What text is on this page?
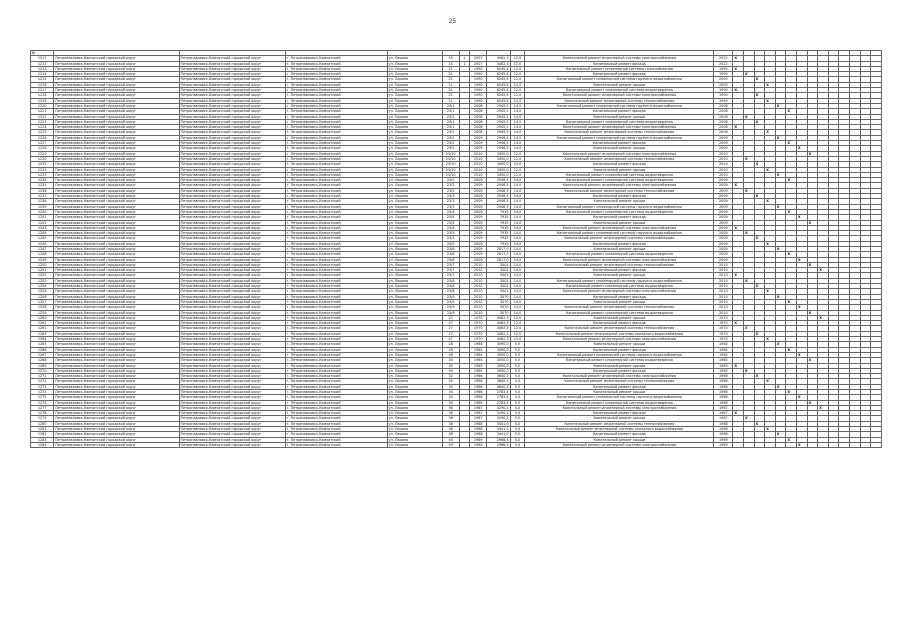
25
№																									
1211	Петропавловск-Камчатский городской округ	Петропавловск-Камчатский городской округ	г. Петропавловск-Камчатский	ул. Ларина	14	1	2007	4462,3	12,0	Капитальный ремонт инженерной системы электроснабжения	2022	X													
1212	Петропавловск-Камчатский городской округ	Петропавловск-Камчатский городской округ	г. Петропавловск-Камчатский	ул. Ларина	14	1	2007	4462,3	12,0	Капитальный ремонт фасада	2022														
1213	Петропавловск-Камчатский городской округ	Петропавловск-Камчатский городской округ	г. Петропавловск-Камчатский	ул. Ларина	21		1990	6245,4	12,0	Капитальный ремонт инженерной системы газоснабжения	1990	X													
1214	Петропавловск-Камчатский городской округ	Петропавловск-Камчатский городской округ	г. Петропавловск-Камчатский	ул. Ларина	21		1990	6245,4	12,0	Капитальный ремонт фасада	1990		X												
1215	Петропавловск-Камчатский городской округ	Петропавловск-Камчатский городской округ	г. Петропавловск-Камчатский	ул. Ларина	21		1990	6245,4	12,0	Капитальный ремонт инженерной системы горячего водоснабжения	2005			X											
1216	Петропавловск-Камчатский городской округ	Петропавловск-Камчатский городской округ	г. Петропавловск-Камчатский	ул. Ларина	21		1990	6245,4	12,0	Капитальный ремонт крыши	2005				X										
1217	Петропавловск-Камчатский городской округ	Петропавловск-Камчатский городской округ	г. Петропавловск-Камчатский	ул. Ларина	21		1990	6245,4	12,0	Капитальный ремонт инженерной системы водоотведения	1990	X													
1218	Петропавловск-Камчатский городской округ	Петропавловск-Камчатский городской округ	г. Петропавловск-Камчатский	ул. Ларина	21		1990	6245,4	12,0	Капитальный ремонт инженерной системы электроснабжения	1990			X											
1219	Петропавловск-Камчатский городской округ	Петропавловск-Камчатский городской округ	г. Петропавловск-Камчатский	ул. Ларина	21		1990	6245,4	12,0	Капитальный ремонт инженерной системы теплоснабжения	1990				X										
1220	Петропавловск-Камчатский городской округ	Петропавловск-Камчатский городской округ	г. Петропавловск-Камчатский	ул. Ларина	23/1		2008	2945,2	14,0	Капитальный ремонт инженерной системы горячего водоснабжения	2008					X									
1221	Петропавловск-Камчатский городской округ	Петропавловск-Камчатский городской округ	г. Петропавловск-Камчатский	ул. Ларина	23/1		2008	2945,2	14,0	Капитальный ремонт фасада	2008						X								
1222	Петропавловск-Камчатский городской округ	Петропавловск-Камчатский городской округ	г. Петропавловск-Камчатский	ул. Ларина	23/1		2008	2945,2	14,0	Капитальный ремонт крыши	2008		X												
1223	Петропавловск-Камчатский городской округ	Петропавловск-Камчатский городской округ	г. Петропавловск-Камчатский	ул. Ларина	23/1		2008	2945,2	14,0	Капитальный ремонт инженерной системы водоотведения	2008			X											
1224	Петропавловск-Камчатский городской округ	Петропавловск-Камчатский городской округ	г. Петропавловск-Камчатский	ул. Ларина	23/1		2008	2945,2	14,0	Капитальный ремонт инженерной системы электроснабжения	2008	X													
1225	Петропавловск-Камчатский городской округ	Петропавловск-Камчатский городской округ	г. Петропавловск-Камчатский	ул. Ларина	23/1		2008	2945,2	14,0	Капитальный ремонт инженерной системы теплоснабжения	2008				X										
1226	Петропавловск-Камчатский городской округ	Петропавловск-Камчатский городской округ	г. Петропавловск-Камчатский	ул. Ларина	23/2		2009	2946,5	14,0	Капитальный ремонт инженерной системы горячего водоснабжения	2009					X									
1227	Петропавловск-Камчатский городской округ	Петропавловск-Камчатский городской округ	г. Петропавловск-Камчатский	ул. Ларина	23/2		2009	2946,5	14,0	Капитальный ремонт фасада	2009						X								
1228	Петропавловск-Камчатский городской округ	Петропавловск-Камчатский городской округ	г. Петропавловск-Камчатский	ул. Ларина	23/2		2009	2946,5	14,0	Капитальный ремонт крыши	2009							X							
1229	Петропавловск-Камчатский городской округ	Петропавловск-Камчатский городской округ	г. Петропавловск-Камчатский	ул. Ларина	23/10		2010	3450,0	12,0	Капитальный ремонт инженерной системы электроснабжения	2010								X						
1230	Петропавловск-Камчатский городской округ	Петропавловск-Камчатский городской округ	г. Петропавловск-Камчатский	ул. Ларина	23/10		2010	3450,0	12,0	Капитальный ремонт инженерной системы теплоснабжения	2010		X												
1231	Петропавловск-Камчатский городской округ	Петропавловск-Камчатский городской округ	г. Петропавловск-Камчатский	ул. Ларина	23/10		2010	3450,0	12,0	Капитальный ремонт фасада	2010			X											
1232	Петропавловск-Камчатский городской округ	Петропавловск-Камчатский городской округ	г. Петропавловск-Камчатский	ул. Ларина	23/10		2010	3450,0	12,0	Капитальный ремонт крыши	2010				X										
1233	Петропавловск-Камчатский городской округ	Петропавловск-Камчатский городской округ	г. Петропавловск-Камчатский	ул. Ларина	23/10		2010	3450,0	12,0	Капитальный ремонт инженерной системы водоотведения	2010					X									
1234	Петропавловск-Камчатский городской округ	Петропавловск-Камчатский городской округ	г. Петропавловск-Камчатский	ул. Ларина	23/2		2009	2946,5	14,0	Капитальный ремонт инженерной системы водоотведения	2009						X								
1235	Петропавловск-Камчатский городской округ	Петропавловск-Камчатский городской округ	г. Петропавловск-Камчатский	ул. Ларина	23/2		2009	2946,5	14,0	Капитальный ремонт инженерной системы электроснабжения	2009	X													
1236	Петропавловск-Камчатский городской округ	Петропавловск-Камчатский городской округ	г. Петропавловск-Камчатский	ул. Ларина	23/2		2009	2946,5	14,0	Капитальный ремонт инженерной системы теплоснабжения	2009		X												
1237	Петропавловск-Камчатский городской округ	Петропавловск-Камчатский городской округ	г. Петропавловск-Камчатский	ул. Ларина	23/3		2009	2946,5	14,0	Капитальный ремонт фасада	2009			X											
1238	Петропавловск-Камчатский городской округ	Петропавловск-Камчатский городской округ	г. Петропавловск-Камчатский	ул. Ларина	23/3		2009	2946,5	14,0	Капитальный ремонт крыши	2009				X										
1239	Петропавловск-Камчатский городской округ	Петропавловск-Камчатский городской округ	г. Петропавловск-Камчатский	ул. Ларина	23/3		2009	2946,5	14,0	Капитальный ремонт инженерной системы горячего водоснабжения	2009					X									
1240	Петропавловск-Камчатский городской округ	Петропавловск-Камчатский городской округ	г. Петропавловск-Камчатский	ул. Ларина	23/4		2009	7935	14,0	Капитальный ремонт инженерной системы водоотведения	2009						X								
1241	Петропавловск-Камчатский городской округ	Петропавловск-Камчатский городской округ	г. Петропавловск-Камчатский	ул. Ларина	23/4		2009	7935	14,0	Капитальный ремонт фасада	2009							X							
1242	Петропавловск-Камчатский городской округ	Петропавловск-Камчатский городской округ	г. Петропавловск-Камчатский	ул. Ларина	23/4		2009	7935	14,0	Капитальный ремонт крыши	2009								X						
1243	Петропавловск-Камчатский городской округ	Петропавловск-Камчатский городской округ	г. Петропавловск-Камчатский	ул. Ларина	23/4		2009	7935	14,0	Капитальный ремонт инженерной системы электроснабжения	2009	X													
1244	Петропавловск-Камчатский городской округ	Петропавловск-Камчатский городской округ	г. Петропавловск-Камчатский	ул. Ларина	23/5		2009	7935	14,0	Капитальный ремонт инженерной системы горячего водоснабжения	2009		X												
1245	Петропавловск-Камчатский городской округ	Петропавловск-Камчатский городской округ	г. Петропавловск-Камчатский	ул. Ларина	23/5		2009	7935	14,0	Капитальный ремонт инженерной системы теплоснабжения	2009			X											
1246	Петропавловск-Камчатский городской округ	Петропавловск-Камчатский городской округ	г. Петропавловск-Камчатский	ул. Ларина	23/5		2009	7935	14,0	Капитальный ремонт фасада	2009				X										
1247	Петропавловск-Камчатский городской округ	Петропавловск-Камчатский городской округ	г. Петропавловск-Камчатский	ул. Ларина	23/6		2009	2617,0	14,0	Капитальный ремонт крыши	2009					X									
1248	Петропавловск-Камчатский городской округ	Петропавловск-Камчатский городской округ	г. Петропавловск-Камчатский	ул. Ларина	23/6		2009	2617,0	14,0	Капитальный ремонт инженерной системы водоотведения	2009						X								
1249	Петропавловск-Камчатский городской округ	Петропавловск-Камчатский городской округ	г. Петропавловск-Камчатский	ул. Ларина	23/6		2009	2617,0	14,0	Капитальный ремонт инженерной системы электроснабжения	2009							X							
1250	Петропавловск-Камчатский городской округ	Петропавловск-Камчатский городской округ	г. Петропавловск-Камчатский	ул. Ларина	23/7		2010	3001	14,0	Капитальный ремонт инженерной системы теплоснабжения	2010								X						
1251	Петропавловск-Камчатский городской округ	Петропавловск-Камчатский городской округ	г. Петропавловск-Камчатский	ул. Ларина	23/7		2010	3001	14,0	Капитальный ремонт фасада	2010									X					
1252	Петропавловск-Камчатский городской округ	Петропавловск-Камчатский городской округ	г. Петропавловск-Камчатский	ул. Ларина	23/7		2010	3001	14,0	Капитальный ремонт крыши	2010	X													
1253	Петропавловск-Камчатский городской округ	Петропавловск-Камчатский городской округ	г. Петропавловск-Камчатский	ул. Ларина	23/8		2010	3001	14,0	Капитальный ремонт инженерной системы горячего водоснабжения	2010		X												
1254	Петропавловск-Камчатский городской округ	Петропавловск-Камчатский городской округ	г. Петропавловск-Камчатский	ул. Ларина	23/8		2010	3001	14,0	Капитальный ремонт инженерной системы водоотведения	2010			X											
1255	Петропавловск-Камчатский городской округ	Петропавловск-Камчатский городской округ	г. Петропавловск-Камчатский	ул. Ларина	23/8		2010	3001	14,0	Капитальный ремонт инженерной системы электроснабжения	2010				X										
1256	Петропавловск-Камчатский городской округ	Петропавловск-Камчатский городской округ	г. Петропавловск-Камчатский	ул. Ларина	23/9		2010	3070	14,0	Капитальный ремонт фасада	2010					X									
1257	Петропавловск-Камчатский городской округ	Петропавловск-Камчатский городской округ	г. Петропавловск-Камчатский	ул. Ларина	23/9		2010	3070	14,0	Капитальный ремонт крыши	2010						X								
1258	Петропавловск-Камчатский городской округ	Петропавловск-Камчатский городской округ	г. Петропавловск-Камчатский	ул. Ларина	23/9		2010	3070	14,0	Капитальный ремонт инженерной системы теплоснабжения	2010							X							
1259	Петропавловск-Камчатский городской округ	Петропавловск-Камчатский городской округ	г. Петропавловск-Камчатский	ул. Ларина	23/9		2010	3070	14,0	Капитальный ремонт инженерной системы водоотведения	2010								X						
1260	Петропавловск-Камчатский городской округ	Петропавловск-Камчатский городской округ	г. Петропавловск-Камчатский	ул. Ларина	27		1970	4462,3	12,0	Капитальный ремонт крыши	1970									X					
1261	Петропавловск-Камчатский городской округ	Петропавловск-Камчатский городской округ	г. Петропавловск-Камчатский	ул. Ларина	27		1970	4462,3	12,0	Капитальный ремонт фасада	1970	X													
1262	Петропавловск-Камчатский городской округ	Петропавловск-Камчатский городской округ	г. Петропавловск-Камчатский	ул. Ларина	27		1970	4462,3	12,0	Капитальный ремонт инженерной системы теплоснабжения	1970		X												
1263	Петропавловск-Камчатский городской округ	Петропавловск-Камчатский городской округ	г. Петропавловск-Камчатский	ул. Ларина	27		1970	4462,3	12,0	Капитальный ремонт инженерной системы холодного водоснабжения	1970			X											
1264	Петропавловск-Камчатский городской округ	Петропавловск-Камчатский городской округ	г. Петропавловск-Камчатский	ул. Ларина	27		1970	4462,3	12,0	Капитальный ремонт инженерной системы электроснабжения	1970				X										
1265	Петропавловск-Камчатский городской округ	Петропавловск-Камчатский городской округ	г. Петропавловск-Камчатский	ул. Ларина	28		1964	3090,0	5,0	Капитальный ремонт крыши	1964					X									
1266	Петропавловск-Камчатский городской округ	Петропавловск-Камчатский городской округ	г. Петропавловск-Камчатский	ул. Ларина	28		1964	3090,0	5,0	Капитальный ремонт фасада	1964						X								
1267	Петропавловск-Камчатский городской округ	Петропавловск-Камчатский городской округ	г. Петропавловск-Камчатский	ул. Ларина	28		1964	3090,0	5,0	Капитальный ремонт инженерной системы горячего водоснабжения	1964							X							
1268	Петропавловск-Камчатский городской округ	Петропавловск-Камчатский городской округ	г. Петропавловск-Камчатский	ул. Ларина	30		1965	3050,0	5,0	Капитальный ремонт инженерной системы водоотведения	1965								X						
1269	Петропавловск-Камчатский городской округ	Петропавловск-Камчатский городской округ	г. Петропавловск-Камчатский	ул. Ларина	30		1965	3050,0	5,0	Капитальный ремонт крыши	1965	X													
1270	Петропавловск-Камчатский городской округ	Петропавловск-Камчатский городской округ	г. Петропавловск-Камчатский	ул. Ларина	30		1965	3050,0	5,0	Капитальный ремонт фасада	1965		X												
1271	Петропавловск-Камчатский городской округ	Петропавловск-Камчатский городской округ	г. Петропавловск-Камчатский	ул. Ларина	32		1966	3640,3	5,0	Капитальный ремонт инженерной системы электроснабжения	1966			X											
1272	Петропавловск-Камчатский городской округ	Петропавловск-Камчатский городской округ	г. Петропавловск-Камчатский	ул. Ларина	32		1966	3640,3	5,0	Капитальный ремонт инженерной системы теплоснабжения	1966				X										
1273	Петропавловск-Камчатский городской округ	Петропавловск-Камчатский городской округ	г. Петропавловск-Камчатский	ул. Ларина	32		1966	3640,3	5,0	Капитальный ремонт фасада	1966					X									
1274	Петропавловск-Камчатский городской округ	Петропавловск-Камчатский городской округ	г. Петропавловск-Камчатский	ул. Ларина	34		1966	2783,4	5,0	Капитальный ремонт крыши	1966						X								
1275	Петропавловск-Камчатский городской округ	Петропавловск-Камчатский городской округ	г. Петропавловск-Камчатский	ул. Ларина	34		1966	2783,4	5,0	Капитальный ремонт инженерной системы горячего водоснабжения	1966							X							
1276	Петропавловск-Камчатский городской округ	Петропавловск-Камчатский городской округ	г. Петропавловск-Камчатский	ул. Ларина	34		1966	2783,4	5,0	Капитальный ремонт инженерной системы водоотведения	1966								X						
1277	Петропавловск-Камчатский городской округ	Петропавловск-Камчатский городской округ	г. Петропавловск-Камчатский	ул. Ларина	36		1967	3290,2	5,0	Капитальный ремонт инженерной системы электроснабжения	1967									X					
1278	Петропавловск-Камчатский городской округ	Петропавловск-Камчатский городской округ	г. Петропавловск-Камчатский	ул. Ларина	36		1967	3290,2	5,0	Капитальный ремонт фасада	1967	X													
1279	Петропавловск-Камчатский городской округ	Петропавловск-Камчатский городской округ	г. Петропавловск-Камчатский	ул. Ларина	36		1967	3290,2	5,0	Капитальный ремонт крыши	1967		X												
1280	Петропавловск-Камчатский городской округ	Петропавловск-Камчатский городской округ	г. Петропавловск-Камчатский	ул. Ларина	38		1968	3441,0	5,0	Капитальный ремонт инженерной системы теплоснабжения	1968			X											
1281	Петропавловск-Камчатский городской округ	Петропавловск-Камчатский городской округ	г. Петропавловск-Камчатский	ул. Ларина	38		1968	3441,0	5,0	Капитальный ремонт инженерной системы холодного водоснабжения	1968				X										
1282	Петропавловск-Камчатский городской округ	Петропавловск-Камчатский городской округ	г. Петропавловск-Камчатский	ул. Ларина	38		1968	3441,0	5,0	Капитальный ремонт фасада	1968					X									
1283	Петропавловск-Камчатский городской округ	Петропавловск-Камчатский городской округ	г. Петропавловск-Камчатский	ул. Ларина	40		1969	2968,5	5,0	Капитальный ремонт крыши	1969						X								
1284	Петропавловск-Камчатский городской округ	Петропавловск-Камчатский городской округ	г. Петропавловск-Камчатский	ул. Ларина	40		1969	2968,5	5,0	Капитальный ремонт инженерной системы электроснабжения	1969							X							
